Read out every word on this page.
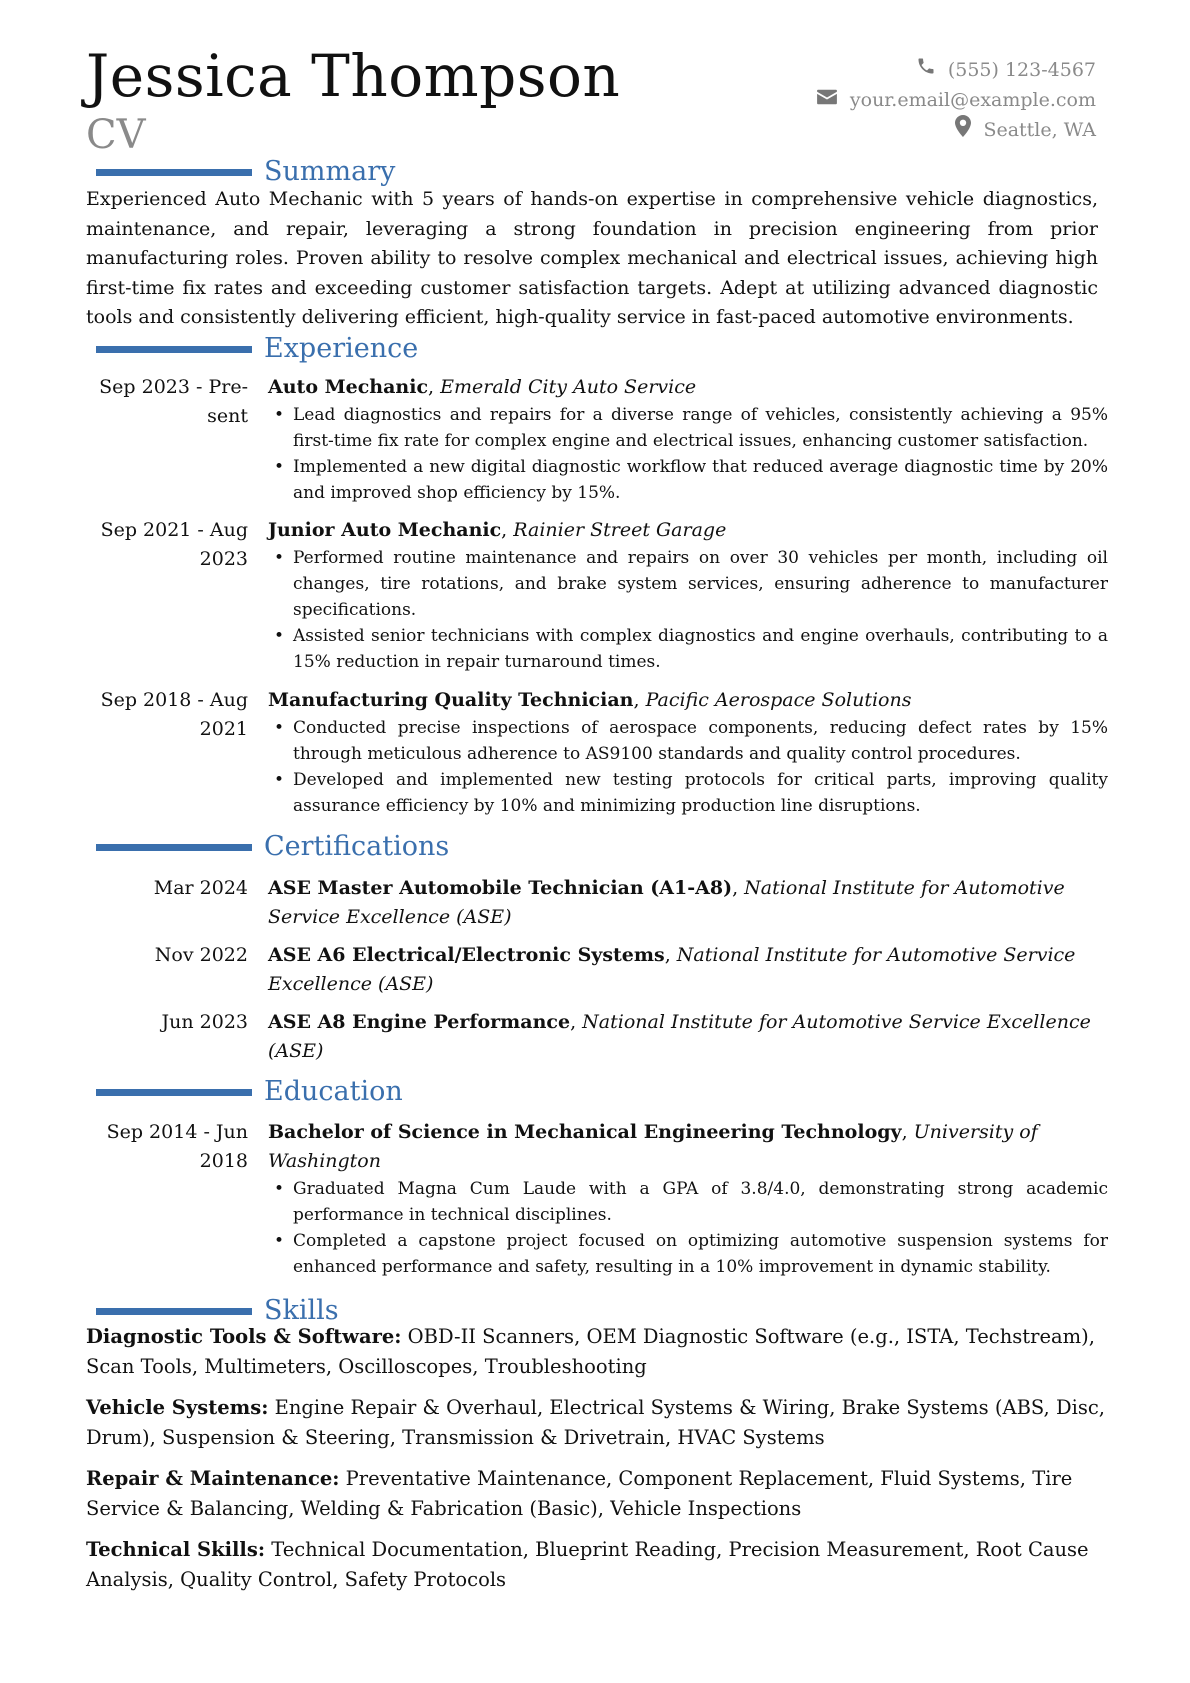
Jessica Thompson
CV
(555) 123-4567
your.email@example.com
Seattle, WA
Summary
Experienced Auto Mechanic with 5 years of hands-on expertise in comprehensive vehicle diagnostics, maintenance, and repair, leveraging a strong foundation in precision engineering from prior manufacturing roles. Proven ability to resolve complex mechanical and electrical issues, achieving high first-time fix rates and exceeding customer satisfaction targets. Adept at utilizing advanced diagnostic tools and consistently delivering efficient, high-quality service in fast-paced automotive environments.
Experience
Sep 2023 - Pre-
sent
Auto Mechanic, Emerald City Auto Service
• Lead diagnostics and repairs for a diverse range of vehicles, consistently achieving a 95% first-time fix rate for complex engine and electrical issues, enhancing customer satisfaction.
• Implemented a new digital diagnostic workflow that reduced average diagnostic time by 20% and improved shop efficiency by 15%.
Sep 2021 - Aug
2023
Junior Auto Mechanic, Rainier Street Garage
• Performed routine maintenance and repairs on over 30 vehicles per month, including oil changes, tire rotations, and brake system services, ensuring adherence to manufacturer specifications.
• Assisted senior technicians with complex diagnostics and engine overhauls, contributing to a 15% reduction in repair turnaround times.
Sep 2018 - Aug
2021
Manufacturing Quality Technician, Pacific Aerospace Solutions
• Conducted precise inspections of aerospace components, reducing defect rates by 15% through meticulous adherence to AS9100 standards and quality control procedures.
• Developed and implemented new testing protocols for critical parts, improving quality assurance efficiency by 10% and minimizing production line disruptions.
Certifications
Mar 2024 ASE Master Automobile Technician (A1-A8), National Institute for Automotive Service Excellence (ASE)
Nov 2022 ASE A6 Electrical/Electronic Systems, National Institute for Automotive Service Excellence (ASE)
Jun 2023 ASE A8 Engine Performance, National Institute for Automotive Service Excellence (ASE)
Education
Sep 2014 - Jun
2018
Bachelor of Science in Mechanical Engineering Technology, University of Washington
• Graduated Magna Cum Laude with a GPA of 3.8/4.0, demonstrating strong academic performance in technical disciplines.
• Completed a capstone project focused on optimizing automotive suspension systems for enhanced performance and safety, resulting in a 10% improvement in dynamic stability.
Skills
Diagnostic Tools & Software: OBD-II Scanners, OEM Diagnostic Software (e.g., ISTA, Techstream), Scan Tools, Multimeters, Oscilloscopes, Troubleshooting
Vehicle Systems: Engine Repair & Overhaul, Electrical Systems & Wiring, Brake Systems (ABS, Disc, Drum), Suspension & Steering, Transmission & Drivetrain, HVAC Systems
Repair & Maintenance: Preventative Maintenance, Component Replacement, Fluid Systems, Tire Service & Balancing, Welding & Fabrication (Basic), Vehicle Inspections
Technical Skills: Technical Documentation, Blueprint Reading, Precision Measurement, Root Cause Analysis, Quality Control, Safety Protocols
